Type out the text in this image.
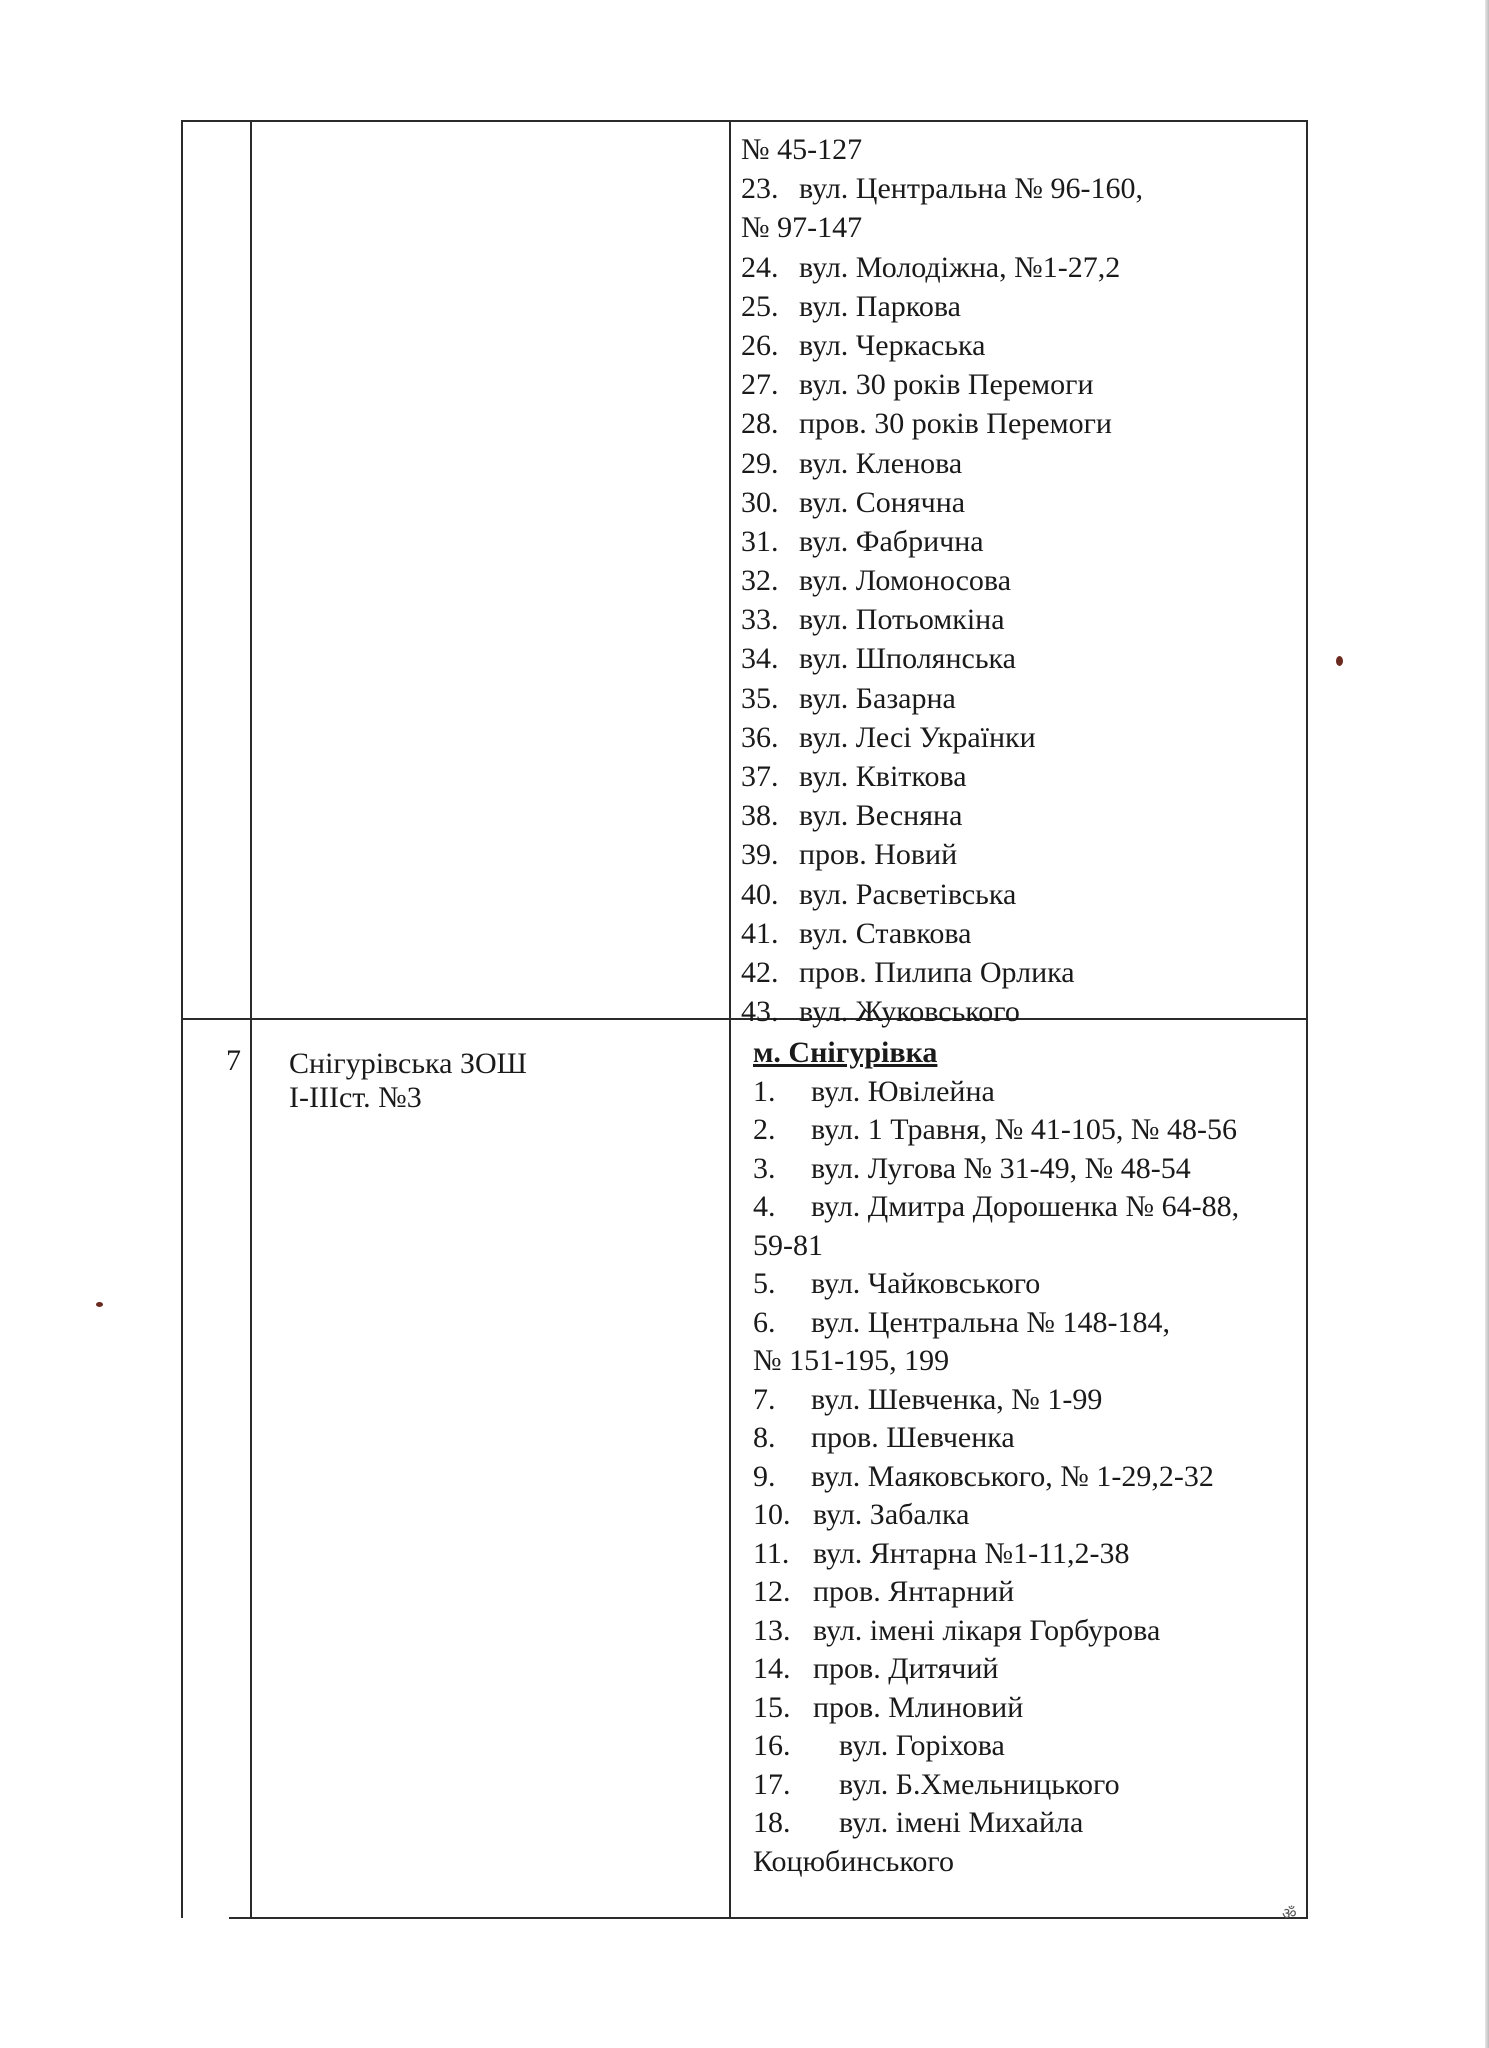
№ 45-127
23. вул. Центральна № 96-160,
№ 97-147
24. вул. Молодіжна, №1-27,2
25. вул. Паркова
26. вул. Черкаська
27. вул. 30 років Перемоги
28. пров. 30 років Перемоги
29. вул. Кленова
30. вул. Сонячна
31. вул. Фабрична
32. вул. Ломоносова
33. вул. Потьомкіна
34. вул. Шполянська
35. вул. Базарна
36. вул. Лесі Українки
37. вул. Квіткова
38. вул. Весняна
39. пров. Новий
40. вул. Расветівська
41. вул. Ставкова
42. пров. Пилипа Орлика
43. вул. Жуковського
7 Снігурівська ЗОШ
І-ІІІст. №3
м. Снігурівка
1. вул. Ювілейна
2. вул. 1 Травня, № 41-105, № 48-56
3. вул. Лугова № 31-49, № 48-54
4. вул. Дмитра Дорошенка № 64-88,
59-81
5. вул. Чайковського
6. вул. Центральна № 148-184,
№ 151-195, 199
7. вул. Шевченка, № 1-99
8. пров. Шевченка
9. вул. Маяковського, № 1-29,2-32
10. вул. Забалка
11. вул. Янтарна №1-11,2-38
12. пров. Янтарний
13. вул. імені лікаря Горбурова
14. пров. Дитячий
15. пров. Млиновий
16. вул. Горіхова
17. вул. Б.Хмельницького
18. вул. імені Михайла
Коцюбинського
ॐ
